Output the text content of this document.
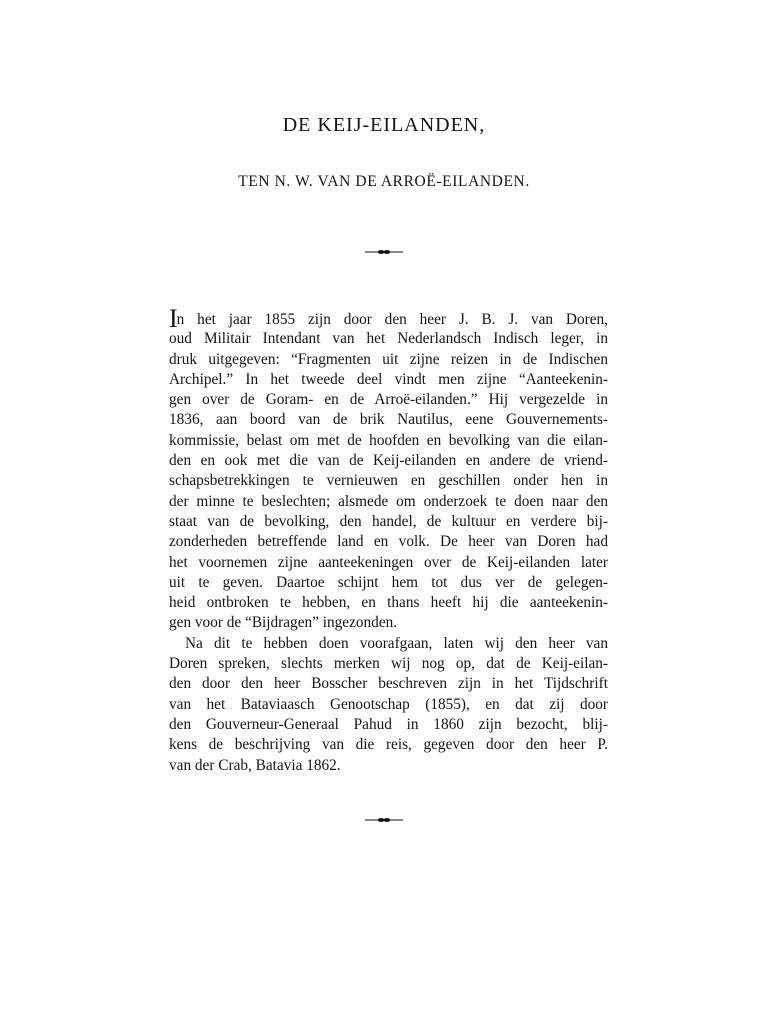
DE KEIJ-EILANDEN,
TEN N. W. VAN DE ARROË-EILANDEN.
In het jaar 1855 zijn door den heer J. B. J. van Doren,
oud Militair Intendant van het Nederlandsch Indisch leger, in
druk uitgegeven: “Fragmenten uit zijne reizen in de Indischen
Archipel.” In het tweede deel vindt men zijne “Aanteekenin-
gen over de Goram- en de Arroë-eilanden.” Hij vergezelde in
1836, aan boord van de brik Nautilus, eene Gouvernements-
kommissie, belast om met de hoofden en bevolking van die eilan-
den en ook met die van de Keij-eilanden en andere de vriend-
schapsbetrekkingen te vernieuwen en geschillen onder hen in
der minne te beslechten; alsmede om onderzoek te doen naar den
staat van de bevolking, den handel, de kultuur en verdere bij-
zonderheden betreffende land en volk. De heer van Doren had
het voornemen zijne aanteekeningen over de Keij-eilanden later
uit te geven. Daartoe schijnt hem tot dus ver de gelegen-
heid ontbroken te hebben, en thans heeft hij die aanteekenin-
gen voor de “Bijdragen” ingezonden.
Na dit te hebben doen voorafgaan, laten wij den heer van
Doren spreken, slechts merken wij nog op, dat de Keij-eilan-
den door den heer Bosscher beschreven zijn in het Tijdschrift
van het Bataviaasch Genootschap (1855), en dat zij door
den Gouverneur-Generaal Pahud in 1860 zijn bezocht, blij-
kens de beschrijving van die reis, gegeven door den heer P.
van der Crab, Batavia 1862.
